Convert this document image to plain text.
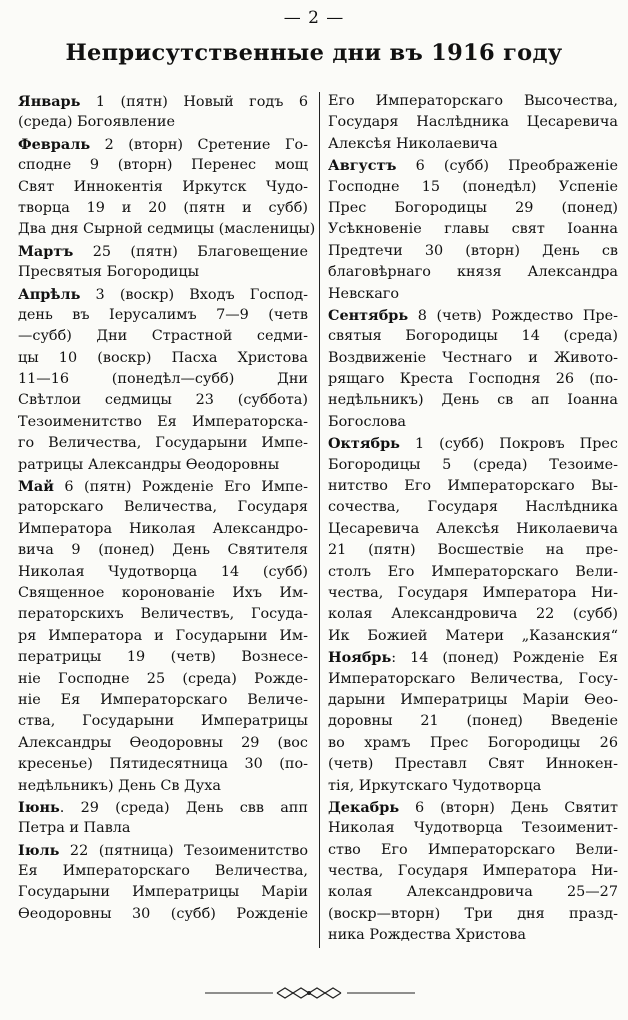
— 2 —
Неприсутственные дни въ 1916 году
Январь 1 (пятн) Новый годъ 6
(среда) Богоявление
Февраль 2 (вторн) Сретение Го-
сподне 9 (вторн) Перенес мощ
Свят Иннокентія Иркутск Чудо-
творца 19 и 20 (пятн и субб)
Два дня Сырной седмицы (масленицы)
Мартъ 25 (пятн) Благовещение
Пресвятыя Богородицы
Апрѣль 3 (воскр) Входъ Господ-
день въ Iерусалимъ 7—9 (четв
—субб) Дни Страстной седми-
цы 10 (воскр) Пасха Христова
11—16 (понедѣл—субб) Дни
Свѣтлои седмицы 23 (суббота)
Тезоименитство Ея Императорска-
го Величества, Государыни Импе-
ратрицы Александры Өеодоровны
Май 6 (пятн) Рожденіе Его Импе-
раторскаго Величества, Государя
Императора Николая Александро-
вича 9 (понед) День Святителя
Николая Чудотворца 14 (субб)
Священное коронованіе Ихъ Им-
ператорскихъ Величествъ, Госуда-
ря Императора и Государыни Им-
ператрицы 19 (четв) Вознесе-
ніе Господне 25 (среда) Рожде-
ніе Ея Императорскаго Величе-
ства, Государыни Императрицы
Александры Өеодоровны 29 (вос
кресенье) Пятидесятница 30 (по-
недѣльникъ) День Св Духа
Іюнь. 29 (среда) День свв апп
Петра и Павла
Іюль 22 (пятница) Тезоименитство
Ея Императорскаго Величества,
Государыни Императрицы Маріи
Өеодоровны 30 (субб) Рожденіе
Его Императорскаго Высочества,
Государя Наслѣдника Цесаревича
Алексѣя Николаевича
Августъ 6 (субб) Преображеніе
Господне 15 (понедѣл) Успеніе
Прес Богородицы 29 (понед)
Усѣкновеніе главы свят Іоанна
Предтечи 30 (вторн) День св
благовѣрнаго князя Александра
Невскаго
Сентябрь 8 (четв) Рождество Пре-
святыя Богородицы 14 (среда)
Воздвиженіе Честнаго и Живото-
рящаго Креста Господня 26 (по-
недѣльникъ) День св ап Іоанна
Богослова
Октябрь 1 (субб) Покровъ Прес
Богородицы 5 (среда) Тезоиме-
нитство Его Императорскаго Вы-
сочества, Государя Наслѣдника
Цесаревича Алексѣя Николаевича
21 (пятн) Восшествіе на пре-
столъ Его Императорскаго Вели-
чества, Государя Императора Ни-
колая Александровича 22 (субб)
Ик Божией Матери „Казанския“
Ноябрь: 14 (понед) Рожденіе Ея
Императорскаго Величества, Госу-
дарыни Императрицы Маріи Өео-
доровны 21 (понед) Введеніе
во храмъ Прес Богородицы 26
(четв) Преставл Свят Иннокен-
тія, Иркутскаго Чудотворца
Декабрь 6 (вторн) День Святит
Николая Чудотворца Тезоименит-
ство Его Императорскаго Вели-
чества, Государя Императора Ни-
колая Александровича 25—27
(воскр—вторн) Три дня празд-
ника Рождества Христова
